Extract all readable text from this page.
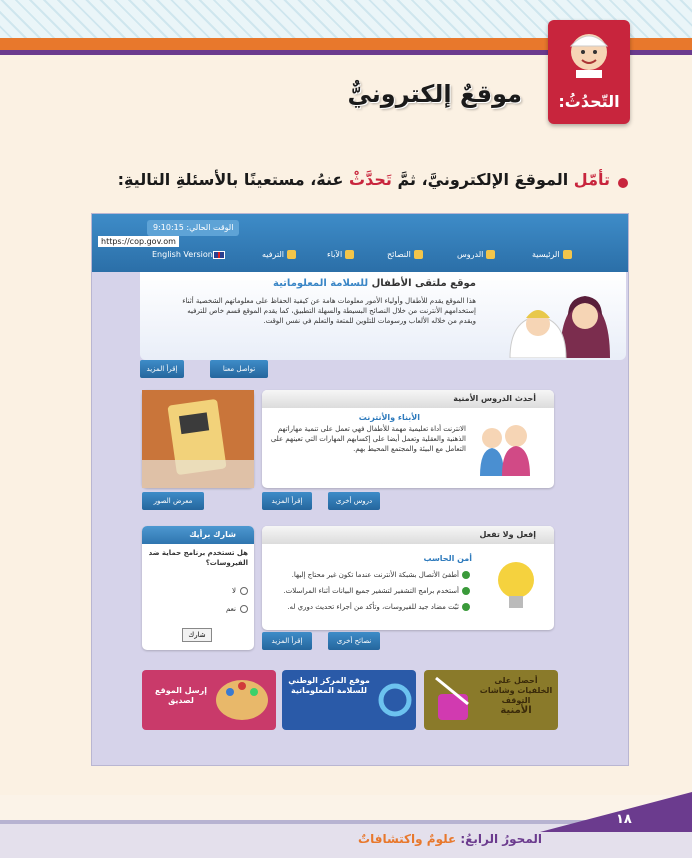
التّحدُثُ:
موقعٌ إلكترونيٌّ
تأمّل الموقعَ الإلكترونيَّ، ثمَّ تَحدَّثْ عنهُ، مستعينًا بالأسئلةِ التاليةِ:
الوقت الحالي: 9:10:15
https://cop.gov.om
English Version	الترفيه	الآباء	النصائح	الدروس	الرئيسية
موقع ملتقى الأطفال للسلامة المعلوماتية
هذا الموقع يقدم للأطفال وأولياء الأمور معلومات هامة عن كيفية الحفاظ على معلوماتهم الشخصية أثناء إستخدامهم الأنترنت من خلال النصائح البسيطة والسهلة التطبيق، كما يقدم الموقع قسم خاص للترفيه ويقدم من خلاله الألعاب ورسومات للتلوين للمتعة والتعلم في نفس الوقت.
إقرأ المزيد	تواصل معنا
معرض الصور
أحدث الدروس الأمنية
الأبناء والأنترنت
الانترنت أداة تعليمية مهمة للأطفال فهي تعمل على تنمية مهاراتهم الذهنية والعقلية وتعمل أيضا على إكسابهم المهارات التي تعينهم على التعامل مع البيئة والمجتمع المحيط بهم.
إقرأ المزيد	دروس أخرى
شارك برأيك
هل تستخدم برنامج حماية ضد الفيروسات؟
لا
نعم
شارك
إفعل ولا تفعل
أمن الحاسب
أطفئ الأتصال بشبكة الأنترنت عندما تكون غير محتاج إليها.
أستخدم برامج التشفير لتشفير جميع البيانات أثناء المراسلات.
ثبّت مضاد جيد للفيروسات، وتأكد من أجراء تحديث دوري له.
إقرأ المزيد	نصائح أخرى
إرسل الموقع لصديق
موقع المركز الوطني للسلامة المعلوماتية
أحصل على الخلفيات وشاشات التوقف
الأمنية
١٨
المحورُ الرابعُ: علومٌ واكتشافاتٌ
